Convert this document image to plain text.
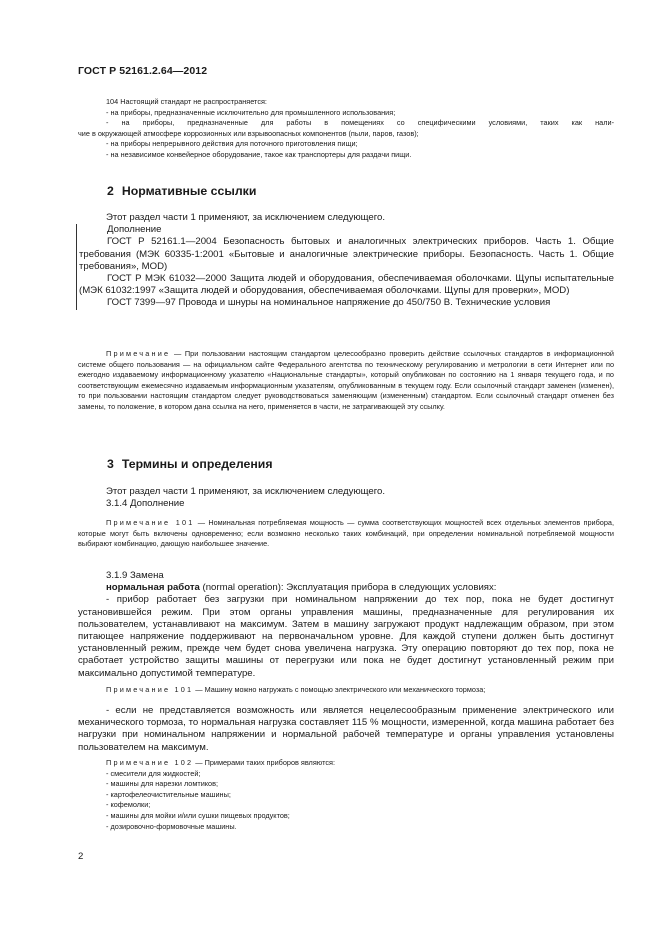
ГОСТ Р 52161.2.64—2012

104 Настоящий стандарт не распространяется:

- на приборы, предназначенные исключительно для промышленного использования;

- на приборы, предназначенные для работы в помещениях со специфическими условиями, таких как нали-

чие в окружающей атмосфере коррозионных или взрывоопасных компонентов (пыли, паров, газов);

- на приборы непрерывного действия для поточного приготовления пищи;

- на независимое конвейерное оборудование, такое как транспортеры для раздачи пищи.

2 Нормативные ссылки

Этот раздел части 1 применяют, за исключением следующего.

Дополнение

ГОСТ Р 52161.1—2004 Безопасность бытовых и аналогичных электрических приборов. Часть 1. Общие требования (МЭК 60335-1:2001 «Бытовые и аналогичные электрические приборы. Безопасность. Часть 1. Общие требования», MOD)

ГОСТ Р МЭК 61032—2000 Защита людей и оборудования, обеспечиваемая оболочками. Щупы испытательные (МЭК 61032:1997 «Защита людей и оборудования, обеспечиваемая оболочками. Щупы для проверки», MOD)

ГОСТ 7399—97 Провода и шнуры на номинальное напряжение до 450/750 В. Технические условия

Примечание — При пользовании настоящим стандартом целесообразно проверить действие ссылочных стандартов в информационной системе общего пользования — на официальном сайте Федерального агентства по техническому регулированию и метрологии в сети Интернет или по ежегодно издаваемому информационному указателю «Национальные стандарты», который опубликован по состоянию на 1 января текущего года, и по соответствующим ежемесячно издаваемым информационным указателям, опубликованным в текущем году. Если ссылочный стандарт заменен (изменен), то при пользовании настоящим стандартом следует руководствоваться заменяющим (измененным) стандартом. Если ссылочный стандарт отменен без замены, то положение, в котором дана ссылка на него, применяется в части, не затрагивающей эту ссылку.

3 Термины и определения

Этот раздел части 1 применяют, за исключением следующего.

3.1.4 Дополнение

Примечание 101 — Номинальная потребляемая мощность — сумма соответствующих мощностей всех отдельных элементов прибора, которые могут быть включены одновременно; если возможно несколько таких комбинаций, при определении номинальной потребляемой мощности выбирают комбинацию, дающую наибольшее значение.

3.1.9 Замена

нормальная работа (normal operation): Эксплуатация прибора в следующих условиях:

- прибор работает без загрузки при номинальном напряжении до тех пор, пока не будет достигнут установившейся режим. При этом органы управления машины, предназначенные для регулирования их пользователем, устанавливают на максимум. Затем в машину загружают продукт надлежащим образом, при этом питающее напряжение поддерживают на первоначальном уровне. Для каждой ступени должен быть достигнут установленный режим, прежде чем будет снова увеличена нагрузка. Эту операцию повторяют до тех пор, пока не сработает устройство защиты машины от перегрузки или пока не будет достигнут установленный режим при максимально допустимой температуре.

Примечание 101 — Машину можно нагружать с помощью электрического или механического тормоза;

- если не представляется возможность или является нецелесообразным применение электрического или механического тормоза, то нормальная нагрузка составляет 115 % мощности, измеренной, когда машина работает без нагрузки при номинальном напряжении и нормальной рабочей температуре и органы управления установлены пользователем на максимум.

Примечание 102 — Примерами таких приборов являются:

- смесители для жидкостей;
- машины для нарезки ломтиков;
- картофелеочистительные машины;
- кофемолки;
- машины для мойки и/или сушки пищевых продуктов;
- дозировочно-формовочные машины.
2
